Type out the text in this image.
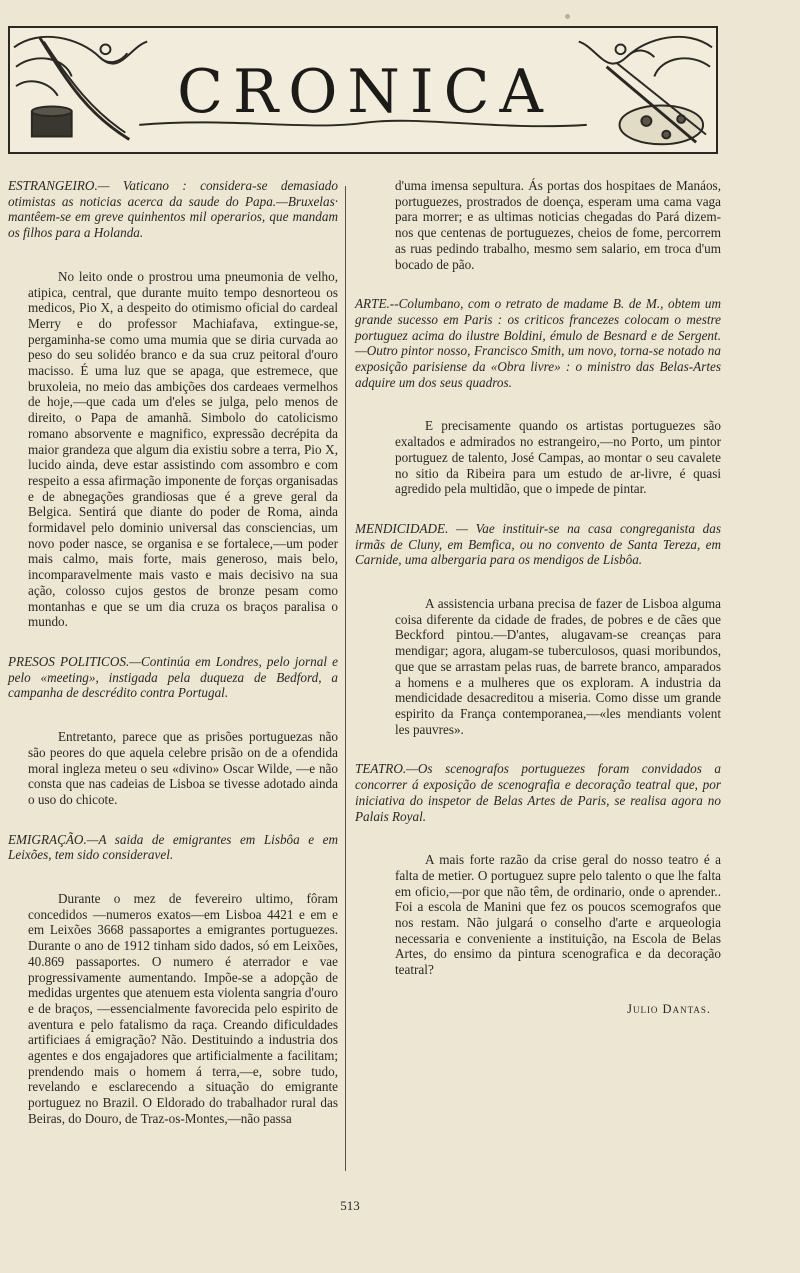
CRONICA

ESTRANGEIRO.— Vaticano : considera-se demasiado otimistas as noticias acerca da saude do Papa.—Bruxelas· mantêem-se em greve quinhentos mil operarios, que mandam os filhos para a Holanda.

No leito onde o prostrou uma pneumonia de velho, atipica, central, que durante muito tempo desnorteou os medicos, Pio X, a despeito do otimismo oficial do cardeal Merry e do professor Machiafava, extingue-se, pergaminha-se como uma mumia que se diria curvada ao peso do seu solidéo branco e da sua cruz peitoral d'ouro macisso. É uma luz que se apaga, que estremece, que bruxoleia, no meio das ambições dos cardeaes vermelhos de hoje,—que cada um d'eles se julga, pelo menos de direito, o Papa de amanhã. Simbolo do catolicismo romano absorvente e magnifico, expressão decrépita da maior grandeza que algum dia existiu sobre a terra, Pio X, lucido ainda, deve estar assistindo com assombro e com respeito a essa afirmação imponente de forças organisadas e de abnegações grandiosas que é a greve geral da Belgica. Sentirá que diante do poder de Roma, ainda formidavel pelo dominio universal das consciencias, um novo poder nasce, se organisa e se fortalece,—um poder mais calmo, mais forte, mais generoso, mais belo, incomparavelmente mais vasto e mais decisivo na sua ação, colosso cujos gestos de bronze pesam como montanhas e que se um dia cruza os braços paralisa o mundo.

PRESOS POLITICOS.—Continúa em Londres, pelo jornal e pelo «meeting», instigada pela duqueza de Bedford, a campanha de descrédito contra Portugal.

Entretanto, parece que as prisões portuguezas não são peores do que aquela celebre prisão on de a ofendida moral ingleza meteu o seu «divino» Oscar Wilde, —e não consta que nas cadeias de Lisboa se tivesse adotado ainda o uso do chicote.

EMIGRAÇÃO.—A saida de emigrantes em Lisbôa e em Leixões, tem sido consideravel.

Durante o mez de fevereiro ultimo, fôram concedidos —numeros exatos—em Lisboa 4421 e em e em Leixões 3668 passaportes a emigrantes portuguezes. Durante o ano de 1912 tinham sido dados, só em Leixões, 40.869 passaportes. O numero é aterrador e vae progressivamente aumentando. Impõe-se a adopção de medidas urgentes que atenuem esta violenta sangria d'ouro e de braços, —essencialmente favorecida pelo espirito de aventura e pelo fatalismo da raça. Creando dificuldades artificiaes á emigração? Não. Destituindo a industria dos agentes e dos engajadores que artificialmente a facilitam; prendendo mais o homem á terra,—e, sobre tudo, revelando e esclarecendo a situação do emigrante portuguez no Brazil. O Eldorado do trabalhador rural das Beiras, do Douro, de Traz-os-Montes,—não passa

d'uma imensa sepultura. Ás portas dos hospitaes de Manáos, portuguezes, prostrados de doença, esperam uma cama vaga para morrer; e as ultimas noticias chegadas do Pará dizem-nos que centenas de portuguezes, cheios de fome, percorrem as ruas pedindo trabalho, mesmo sem salario, em troca d'um bocado de pão.

ARTE.--Columbano, com o retrato de madame B. de M., obtem um grande sucesso em Paris : os criticos francezes colocam o mestre portuguez acima do ilustre Boldini, émulo de Besnard e de Sergent.—Outro pintor nosso, Francisco Smith, um novo, torna-se notado na exposição parisiense da «Obra livre» : o ministro das Belas-Artes adquire um dos seus quadros.

E precisamente quando os artistas portuguezes são exaltados e admirados no estrangeiro,—no Porto, um pintor portuguez de talento, José Campas, ao montar o seu cavalete no sitio da Ribeira para um estudo de ar-livre, é quasi agredido pela multidão, que o impede de pintar.

MENDICIDADE. — Vae instituir-se na casa congreganista das irmãs de Cluny, em Bemfica, ou no convento de Santa Tereza, em Carnide, uma albergaria para os mendigos de Lisbôa.

A assistencia urbana precisa de fazer de Lisboa alguma coisa diferente da cidade de frades, de pobres e de cães que Beckford pintou.—D'antes, alugavam-se creanças para mendigar; agora, alugam-se tuberculosos, quasi moribundos, que que se arrastam pelas ruas, de barrete branco, amparados a homens e a mulheres que os exploram. A industria da mendicidade desacreditou a miseria. Como disse um grande espirito da França contemporanea,—«les mendiants volent les pauvres».

TEATRO.—Os scenografos portuguezes foram convidados a concorrer á exposição de scenografia e decoração teatral que, por iniciativa do inspetor de Belas Artes de Paris, se realisa agora no Palais Royal.

A mais forte razão da crise geral do nosso teatro é a falta de metier. O portuguez supre pelo talento o que lhe falta em oficio,—por que não têm, de ordinario, onde o aprender.. Foi a escola de Manini que fez os poucos scemografos que nos restam. Não julgará o conselho d'arte e arqueologia necessaria e conveniente a instituição, na Escola de Belas Artes, do ensimo da pintura scenografica e da decoração teatral?

Julio Dantas.
513
